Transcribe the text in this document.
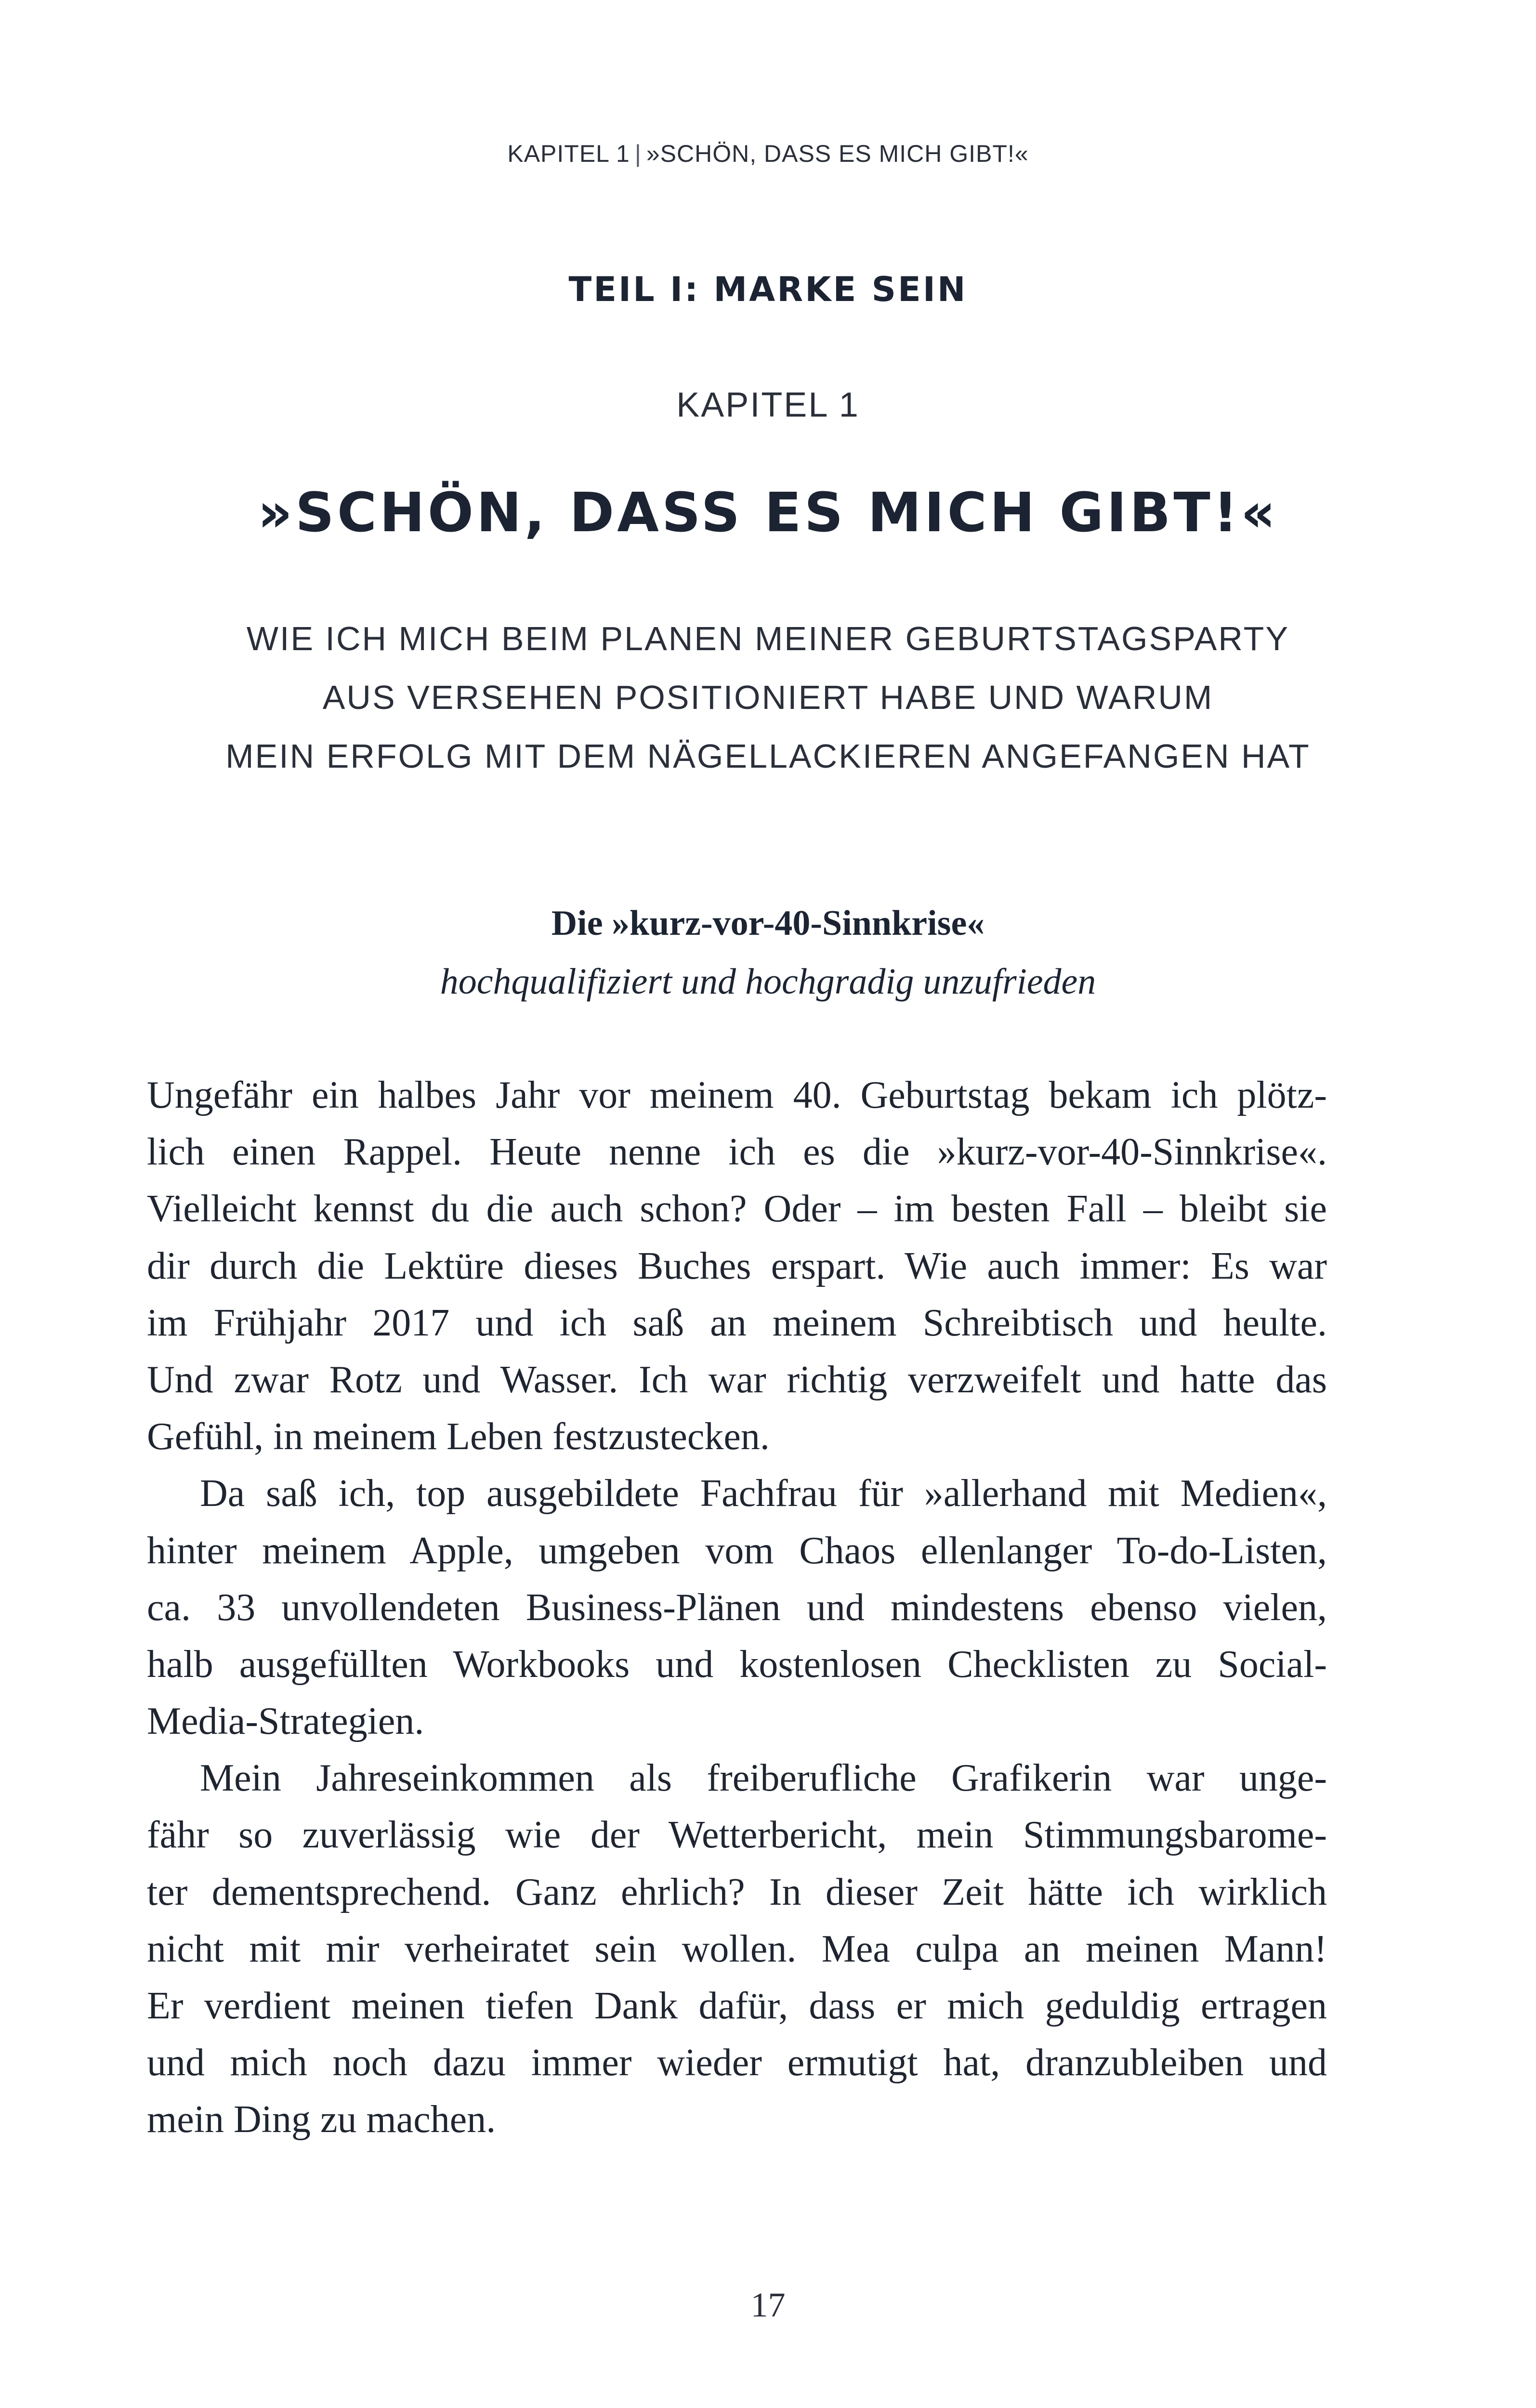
KAPITEL 1 | »SCHÖN, DASS ES MICH GIBT!«
TEIL I: MARKE SEIN
KAPITEL 1
»SCHÖN, DASS ES MICH GIBT!«
WIE ICH MICH BEIM PLANEN MEINER GEBURTSTAGSPARTY
AUS VERSEHEN POSITIONIERT HABE UND WARUM
MEIN ERFOLG MIT DEM NÄGELLACKIEREN ANGEFANGEN HAT
Die »kurz-vor-40-Sinnkrise«
hochqualifiziert und hochgradig unzufrieden
Ungefähr ein halbes Jahr vor meinem 40. Geburtstag bekam ich plötz-
lich einen Rappel. Heute nenne ich es die »kurz-vor-40-Sinnkrise«.
Vielleicht kennst du die auch schon? Oder – im besten Fall – bleibt sie
dir durch die Lektüre dieses Buches erspart. Wie auch immer: Es war
im Frühjahr 2017 und ich saß an meinem Schreibtisch und heulte.
Und zwar Rotz und Wasser. Ich war richtig verzweifelt und hatte das
Gefühl, in meinem Leben festzustecken.
Da saß ich, top ausgebildete Fachfrau für »allerhand mit Medien«,
hinter meinem Apple, umgeben vom Chaos ellenlanger To-do-Listen,
ca. 33 unvollendeten Business-Plänen und mindestens ebenso vielen,
halb ausgefüllten Workbooks und kostenlosen Checklisten zu Social-
Media-Strategien.
Mein Jahreseinkommen als freiberufliche Grafikerin war unge-
fähr so zuverlässig wie der Wetterbericht, mein Stimmungsbarome-
ter dementsprechend. Ganz ehrlich? In dieser Zeit hätte ich wirklich
nicht mit mir verheiratet sein wollen. Mea culpa an meinen Mann!
Er verdient meinen tiefen Dank dafür, dass er mich geduldig ertragen
und mich noch dazu immer wieder ermutigt hat, dranzubleiben und
mein Ding zu machen.
17
